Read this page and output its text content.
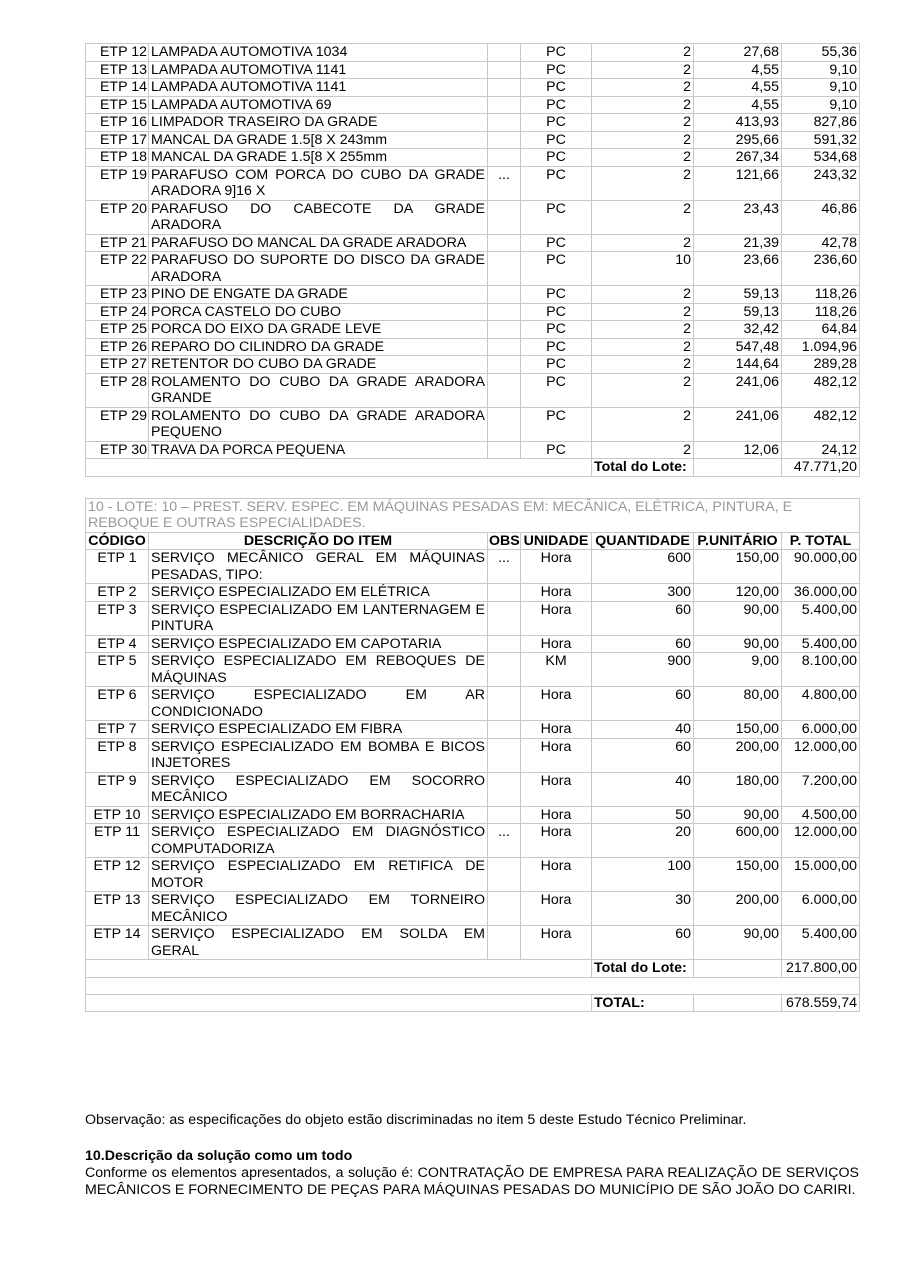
ETP 12	LAMPADA AUTOMOTIVA 1034		PC	2	27,68	55,36
ETP 13	LAMPADA AUTOMOTIVA 1141		PC	2	4,55	9,10
ETP 14	LAMPADA AUTOMOTIVA 1141		PC	2	4,55	9,10
ETP 15	LAMPADA AUTOMOTIVA 69		PC	2	4,55	9,10
ETP 16	LIMPADOR TRASEIRO DA GRADE		PC	2	413,93	827,86
ETP 17	MANCAL DA GRADE 1.5[8 X 243mm		PC	2	295,66	591,32
ETP 18	MANCAL DA GRADE 1.5[8 X 255mm		PC	2	267,34	534,68
ETP 19	PARAFUSO COM PORCA DO CUBO DA GRADE ARADORA 9]16 X	...	PC	2	121,66	243,32
ETP 20	PARAFUSO DO CABECOTE DA GRADE ARADORA		PC	2	23,43	46,86
ETP 21	PARAFUSO DO MANCAL DA GRADE ARADORA		PC	2	21,39	42,78
ETP 22	PARAFUSO DO SUPORTE DO DISCO DA GRADE ARADORA		PC	10	23,66	236,60
ETP 23	PINO DE ENGATE DA GRADE		PC	2	59,13	118,26
ETP 24	PORCA CASTELO DO CUBO		PC	2	59,13	118,26
ETP 25	PORCA DO EIXO DA GRADE LEVE		PC	2	32,42	64,84
ETP 26	REPARO DO CILINDRO DA GRADE		PC	2	547,48	1.094,96
ETP 27	RETENTOR DO CUBO DA GRADE		PC	2	144,64	289,28
ETP 28	ROLAMENTO DO CUBO DA GRADE ARADORA GRANDE		PC	2	241,06	482,12
ETP 29	ROLAMENTO DO CUBO DA GRADE ARADORA PEQUENO		PC	2	241,06	482,12
ETP 30	TRAVA DA PORCA PEQUENA		PC	2	12,06	24,12
				Total do Lote:		47.771,20

10 - LOTE: 10 – PREST. SERV. ESPEC. EM MÁQUINAS PESADAS EM: MECÂNICA, ELÉTRICA, PINTURA, E REBOQUE E OUTRAS ESPECIALIDADES.						
CÓDIGO	DESCRIÇÃO DO ITEM	OBS	UNIDADE	QUANTIDADE	P.UNITÁRIO	P. TOTAL
ETP 1	SERVIÇO MECÂNICO GERAL EM MÁQUINAS PESADAS, TIPO:	...	Hora	600	150,00	90.000,00
ETP 2	SERVIÇO ESPECIALIZADO EM ELÉTRICA		Hora	300	120,00	36.000,00
ETP 3	SERVIÇO ESPECIALIZADO EM LANTERNAGEM E PINTURA		Hora	60	90,00	5.400,00
ETP 4	SERVIÇO ESPECIALIZADO EM CAPOTARIA		Hora	60	90,00	5.400,00
ETP 5	SERVIÇO ESPECIALIZADO EM REBOQUES DE MÁQUINAS		KM	900	9,00	8.100,00
ETP 6	SERVIÇO ESPECIALIZADO EM AR CONDICIONADO		Hora	60	80,00	4.800,00
ETP 7	SERVIÇO ESPECIALIZADO EM FIBRA		Hora	40	150,00	6.000,00
ETP 8	SERVIÇO ESPECIALIZADO EM BOMBA E BICOS INJETORES		Hora	60	200,00	12.000,00
ETP 9	SERVIÇO ESPECIALIZADO EM SOCORRO MECÂNICO		Hora	40	180,00	7.200,00
ETP 10	SERVIÇO ESPECIALIZADO EM BORRACHARIA		Hora	50	90,00	4.500,00
ETP 11	SERVIÇO ESPECIALIZADO EM DIAGNÓSTICO COMPUTADORIZA	...	Hora	20	600,00	12.000,00
ETP 12	SERVIÇO ESPECIALIZADO EM RETIFICA DE MOTOR		Hora	100	150,00	15.000,00
ETP 13	SERVIÇO ESPECIALIZADO EM TORNEIRO MECÂNICO		Hora	30	200,00	6.000,00
ETP 14	SERVIÇO ESPECIALIZADO EM SOLDA EM GERAL		Hora	60	90,00	5.400,00
				Total do Lote:		217.800,00

				TOTAL:		678.559,74
Observação: as especificações do objeto estão discriminadas no item 5 deste Estudo Técnico Preliminar.
10.Descrição da solução como um todo
Conforme os elementos apresentados, a solução é: CONTRATAÇÃO DE EMPRESA PARA REALIZAÇÃO DE SERVIÇOS MECÂNICOS E FORNECIMENTO DE PEÇAS PARA MÁQUINAS PESADAS DO MUNICÍPIO DE SÃO JOÃO DO CARIRI.
